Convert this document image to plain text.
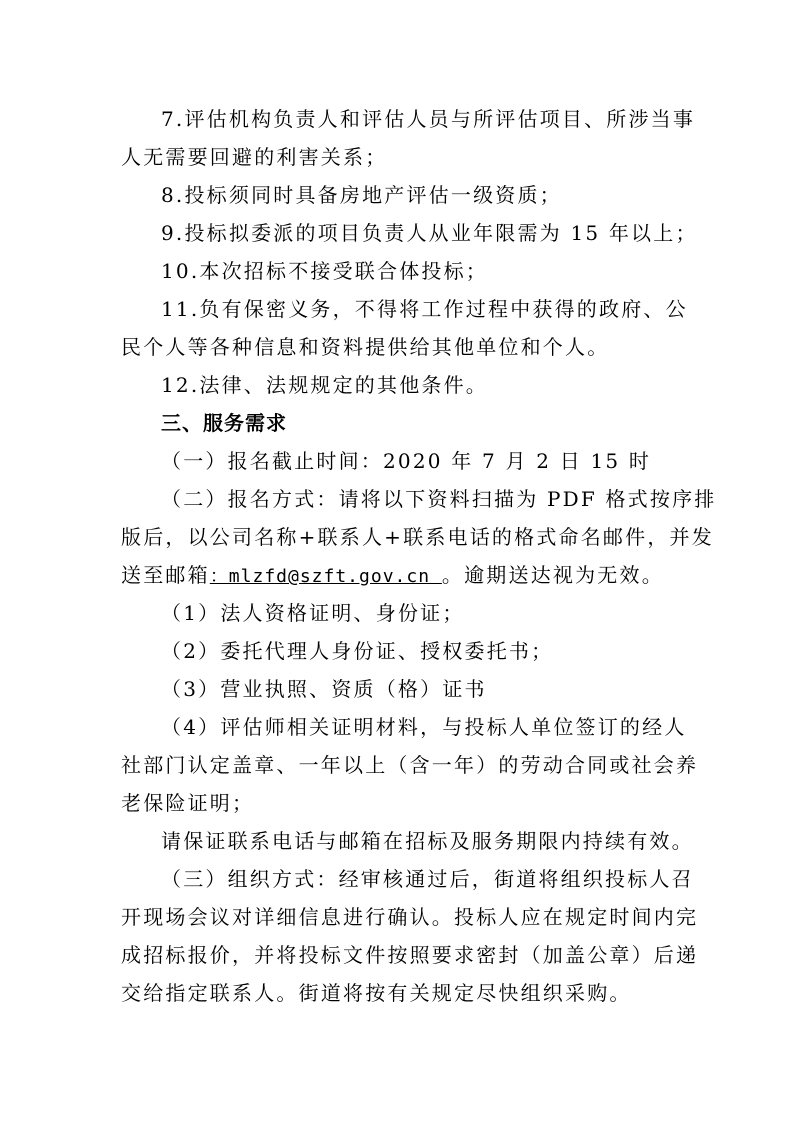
7.评估机构负责人和评估人员与所评估项目、所涉当事
人无需要回避的利害关系；
8.投标须同时具备房地产评估一级资质；
9.投标拟委派的项目负责人从业年限需为 15 年以上；
10.本次招标不接受联合体投标；
11.负有保密义务，不得将工作过程中获得的政府、公
民个人等各种信息和资料提供给其他单位和个人。
12.法律、法规规定的其他条件。
三、服务需求
（一）报名截止时间：2020 年 7 月 2 日 15 时
（二）报名方式：请将以下资料扫描为 PDF 格式按序排
版后，以公司名称+联系人+联系电话的格式命名邮件，并发
送至邮箱：mlzfd@szft.gov.cn 。逾期送达视为无效。
（1）法人资格证明、身份证；
（2）委托代理人身份证、授权委托书；
（3）营业执照、资质（格）证书
（4）评估师相关证明材料，与投标人单位签订的经人
社部门认定盖章、一年以上（含一年）的劳动合同或社会养
老保险证明；
请保证联系电话与邮箱在招标及服务期限内持续有效。
（三）组织方式：经审核通过后，街道将组织投标人召
开现场会议对详细信息进行确认。投标人应在规定时间内完
成招标报价，并将投标文件按照要求密封（加盖公章）后递
交给指定联系人。街道将按有关规定尽快组织采购。
